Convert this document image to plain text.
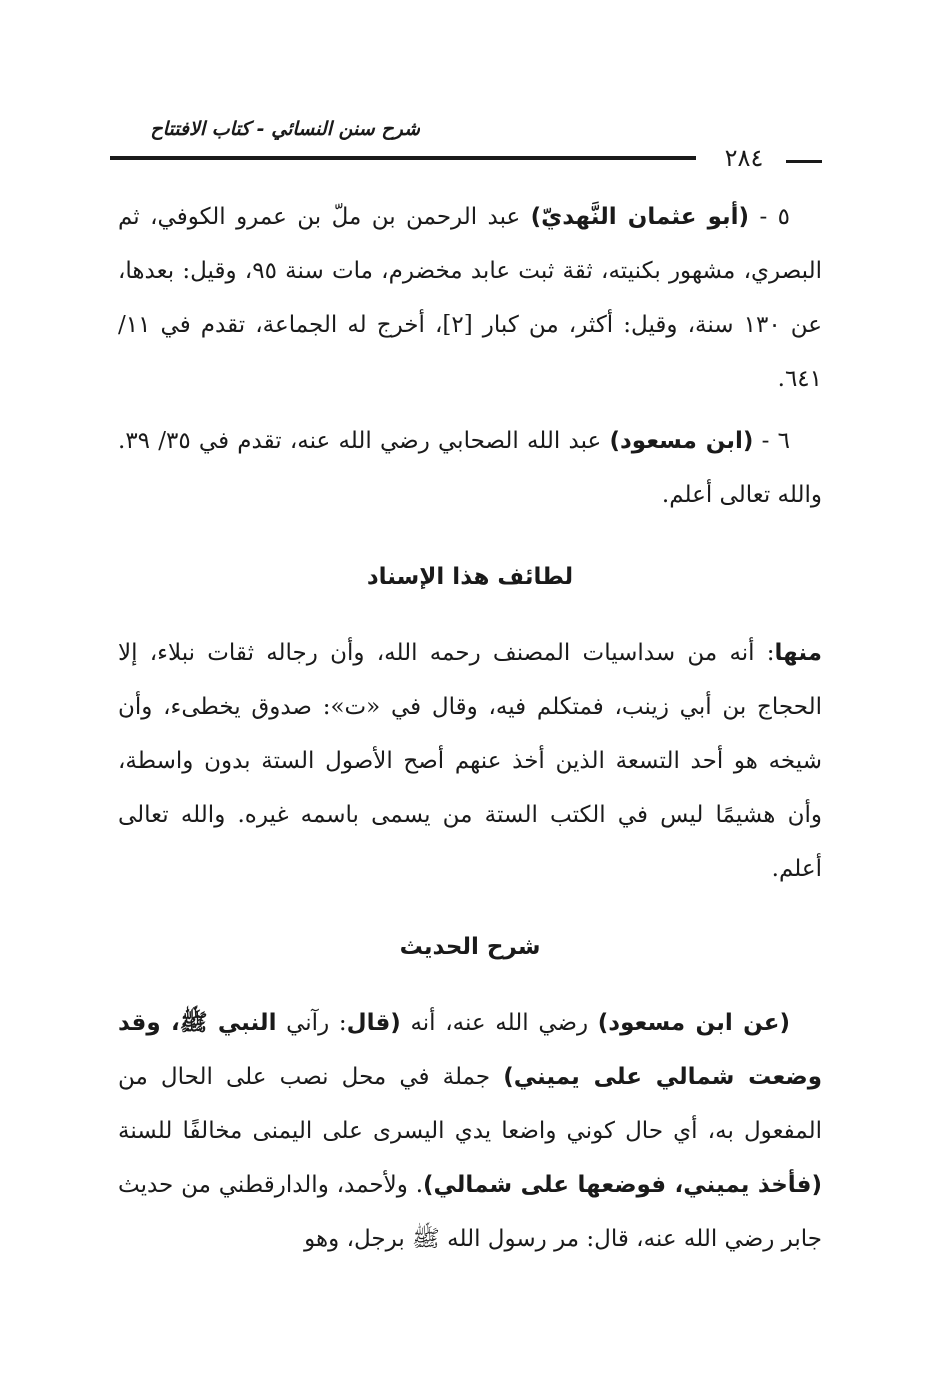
شرح سنن النسائي - كتاب الافتتاح
٢٨٤

٥ - (أبو عثمان النَّهديّ) عبد الرحمن بن ملّ بن عمرو الكوفي، ثم البصري، مشهور بكنيته، ثقة ثبت عابد مخضرم، مات سنة ٩٥، وقيل: بعدها، عن ١٣٠ سنة، وقيل: أكثر، من كبار [٢]، أخرج له الجماعة، تقدم في ١١/ ٦٤١.

٦ - (ابن مسعود) عبد الله الصحابي رضي الله عنه، تقدم في ٣٥/ ٣٩. والله تعالى أعلم.

لطائف هذا الإسناد

منها: أنه من سداسيات المصنف رحمه الله، وأن رجاله ثقات نبلاء، إلا الحجاج بن أبي زينب، فمتكلم فيه، وقال في «ت»: صدوق يخطىء، وأن شيخه هو أحد التسعة الذين أخذ عنهم أصح الأصول الستة بدون واسطة، وأن هشيمًا ليس في الكتب الستة من يسمى باسمه غيره. والله تعالى أعلم.

شرح الحديث

(عن ابن مسعود) رضي الله عنه، أنه (قال: رآني النبي ﷺ، وقد وضعت شمالي على يميني) جملة في محل نصب على الحال من المفعول به، أي حال كوني واضعا يدي اليسرى على اليمنى مخالفًا للسنة (فأخذ يميني، فوضعها على شمالي). ولأحمد، والدارقطني من حديث جابر رضي الله عنه، قال: مر رسول الله ﷺ برجل، وهو
